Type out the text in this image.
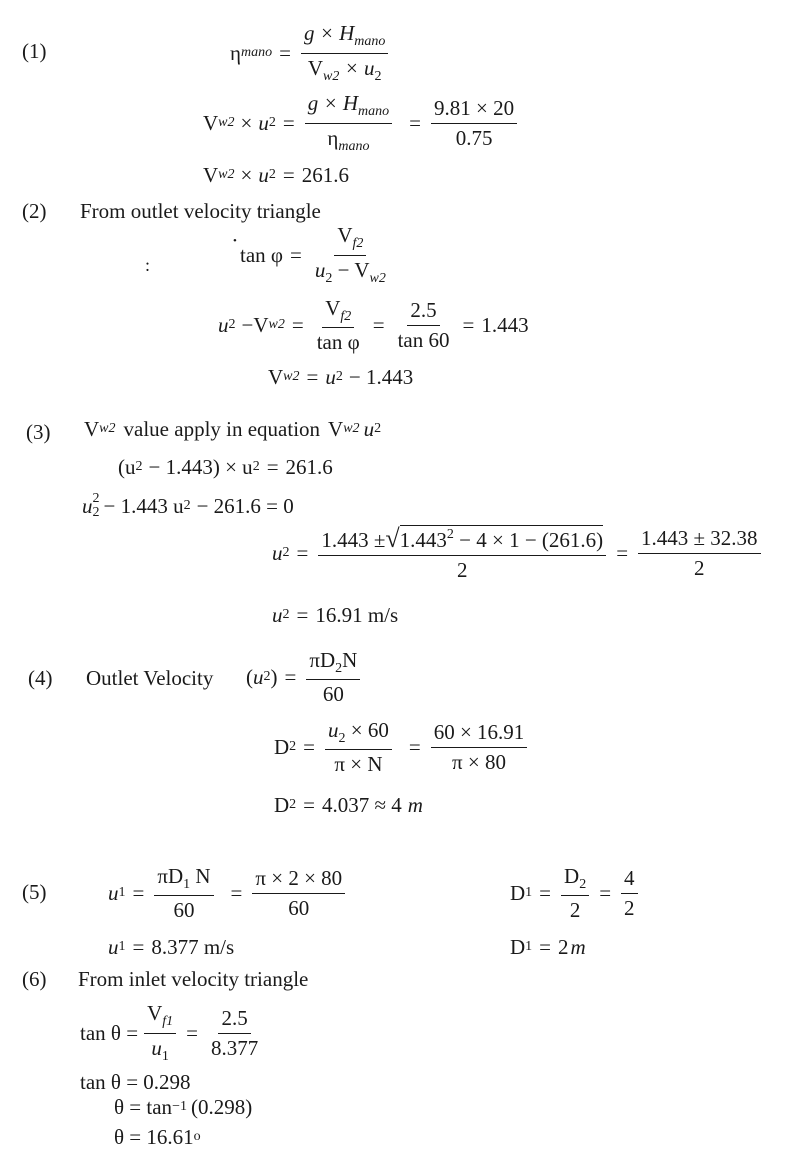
(1)	η mano =
$g \times H_{mano}$
$V_{w2} \times u_2$
V w2 × u 2 =
$g \times H_{mano}$
$\eta_{mano}$
= $\frac{9.81 \times 20}{0.75}$
V w2 × u 2 = 261.6
(2) From outlet velocity triangle
•
:	$\tan \varphi = \frac{V_{f2}}{u_2 - V_{w2}}$
u 2 −V $w2 = \frac{V_{f2}}{\text{tan φ}} = \frac{2.5}{\tan 60} = 1.443$
V w2 = u 2 − 1.443
(3) V w2 value apply in equation V w2 u 2
(u 2 − 1.443) × u 2 = 261.6
u 2
2 − 1.443 u 2 − 261.6 = 0
u $2 = \frac{1.443 \pm√1.443^2 - 4 \times 1 - (261.6)}{2} = \frac{1.443 \pm 32.38}{2}$
u 2 = 16.91 m/s
(4) Outlet Velocity ( u 2 ) = $\frac{\pi D_2N}{60}$
D $2 = \frac{u_2 \times 60}{\pi \times N} = \frac{60 \times 16.91}{\pi \times 80}$
D 2 = 4.037 ≈ 4 m
(5)	u $1 = \frac{\pi D_1 N}{60} = \frac{\pi \times 2 \times 80}{60}$
u 1 = 8.377 m/s
D $1 = \frac{D_2}{2} = \frac{4}{2}$
D 1 = 2 m
(6) From inlet velocity triangle
$\tan \theta = \frac{V_{f1}}{u_1} = \frac{2.5}{8.377}$
tan θ = 0.298
θ = tan −1 (0.298)
θ = 16.61 o
